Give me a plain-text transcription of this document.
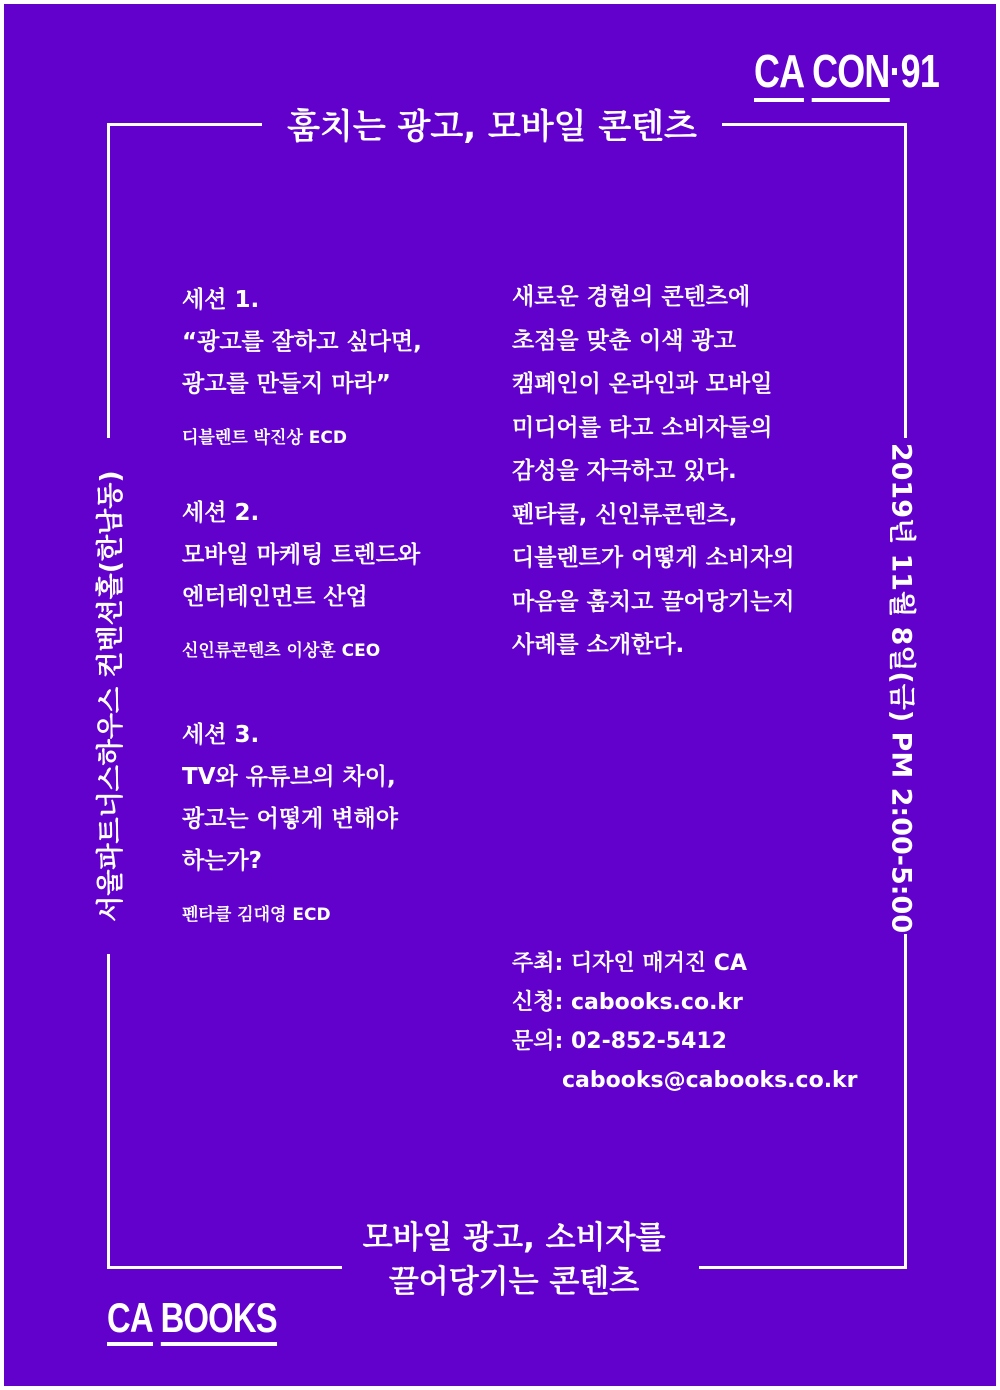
CA CON·91
훔치는 광고, 모바일 콘텐츠
서울파트너스하우스 컨벤션홀(한남동)	2019년 11월 8일(금) PM 2:00-5:00
세션 1.
“광고를 잘하고 싶다면,
광고를 만들지 마라”
디블렌트 박진상 ECD
세션 2.
모바일 마케팅 트렌드와
엔터테인먼트 산업
신인류콘텐츠 이상훈 CEO
세션 3.
TV와 유튜브의 차이,
광고는 어떻게 변해야
하는가?
펜타클 김대영 ECD
새로운 경험의 콘텐츠에
초점을 맞춘 이색 광고
캠페인이 온라인과 모바일
미디어를 타고 소비자들의
감성을 자극하고 있다.
펜타클, 신인류콘텐츠,
디블렌트가 어떻게 소비자의
마음을 훔치고 끌어당기는지
사례를 소개한다.
주최: 디자인 매거진 CA
신청: cabooks.co.kr
문의: 02-852-5412
cabooks@cabooks.co.kr
모바일 광고, 소비자를
끌어당기는 콘텐츠
CA BOOKS
